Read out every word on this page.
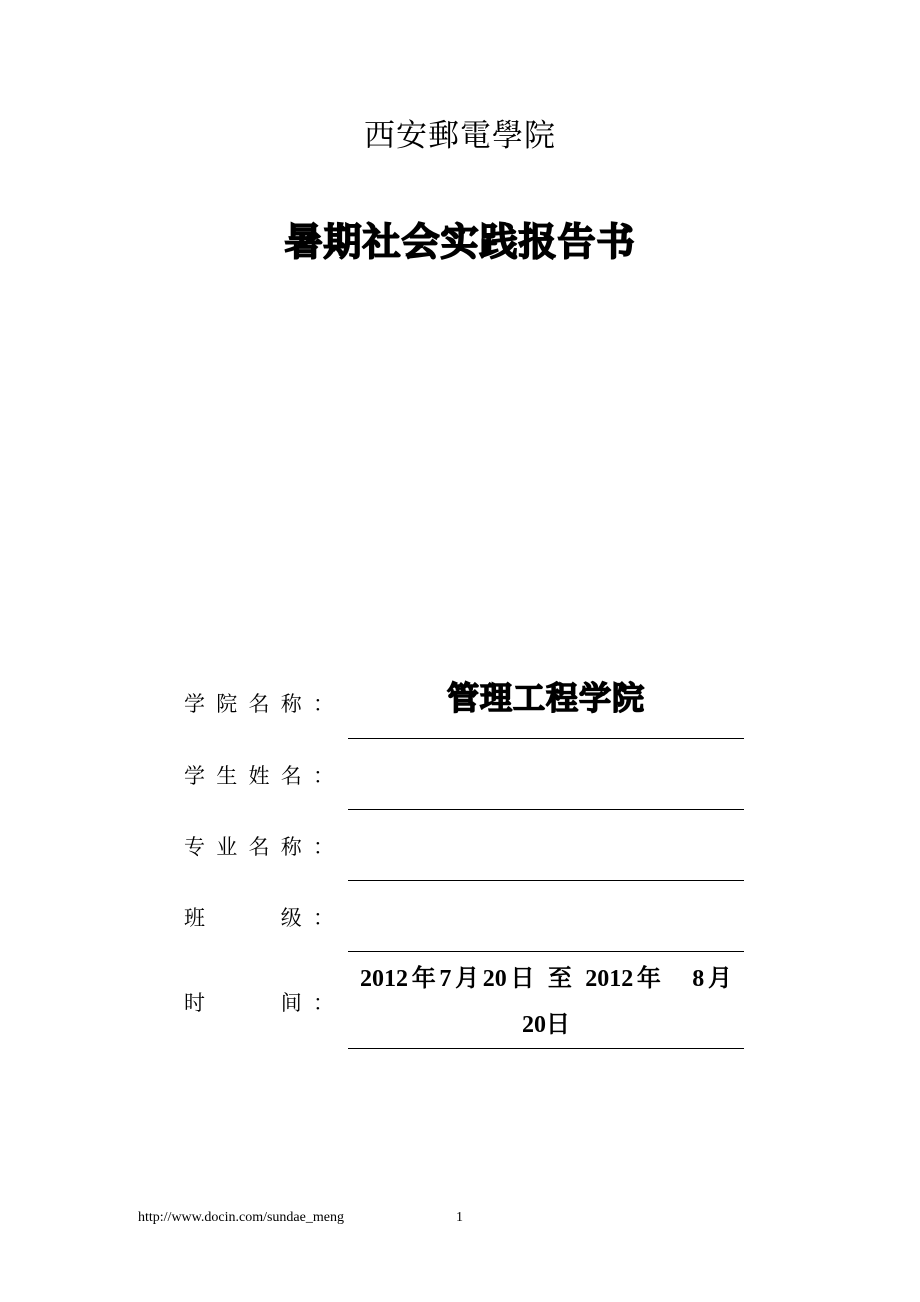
西安郵電學院
暑期社会实践报告书
学院名称：	管理工程学院
学生姓名：
专业名称：
班　　级：
时　　间：
2012年7月20日 至 2012年　8月
20日
http://www.docin.com/sundae_meng	1
